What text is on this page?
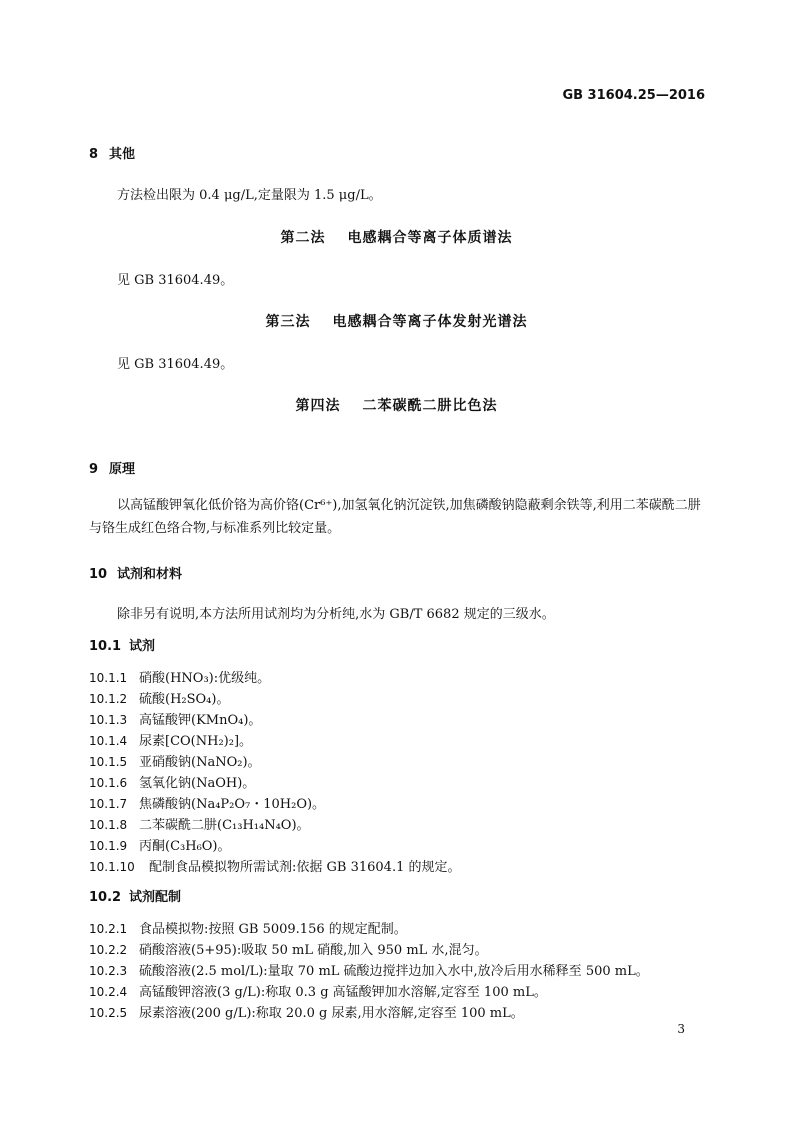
GB 31604.25—2016
8 其他
方法检出限为 0.4 μg/L,定量限为 1.5 μg/L。
第二法 电感耦合等离子体质谱法
见 GB 31604.49。
第三法 电感耦合等离子体发射光谱法
见 GB 31604.49。
第四法 二苯碳酰二肼比色法
9 原理
以高锰酸钾氧化低价铬为高价铬(Cr⁶⁺),加氢氧化钠沉淀铁,加焦磷酸钠隐蔽剩余铁等,利用二苯碳酰二肼与铬生成红色络合物,与标准系列比较定量。
10 试剂和材料
除非另有说明,本方法所用试剂均为分析纯,水为 GB/T 6682 规定的三级水。
10.1 试剂
10.1.1 硝酸(HNO₃):优级纯。
10.1.2 硫酸(H₂SO₄)。
10.1.3 高锰酸钾(KMnO₄)。
10.1.4 尿素[CO(NH₂)₂]。
10.1.5 亚硝酸钠(NaNO₂)。
10.1.6 氢氧化钠(NaOH)。
10.1.7 焦磷酸钠(Na₄P₂O₇・10H₂O)。
10.1.8 二苯碳酰二肼(C₁₃H₁₄N₄O)。
10.1.9 丙酮(C₃H₆O)。
10.1.10 配制食品模拟物所需试剂:依据 GB 31604.1 的规定。
10.2 试剂配制
10.2.1 食品模拟物:按照 GB 5009.156 的规定配制。
10.2.2 硝酸溶液(5+95):吸取 50 mL 硝酸,加入 950 mL 水,混匀。
10.2.3 硫酸溶液(2.5 mol/L):量取 70 mL 硫酸边搅拌边加入水中,放冷后用水稀释至 500 mL。
10.2.4 高锰酸钾溶液(3 g/L):称取 0.3 g 高锰酸钾加水溶解,定容至 100 mL。
10.2.5 尿素溶液(200 g/L):称取 20.0 g 尿素,用水溶解,定容至 100 mL。
3
